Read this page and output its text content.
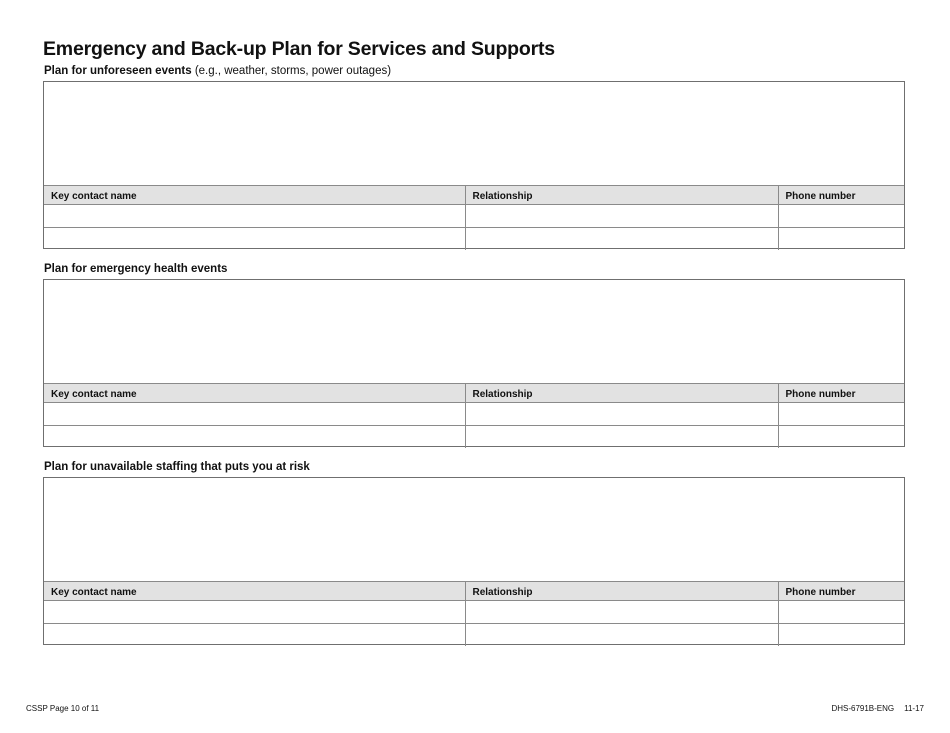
Emergency and Back-up Plan for Services and Supports
Plan for unforeseen events (e.g., weather, storms, power outages)
Key contact name	Relationship	Phone number

Plan for emergency health events
Key contact name	Relationship	Phone number

Plan for unavailable staffing that puts you at risk
Key contact name	Relationship	Phone number

CSSP Page 10 of 11	DHS-6791B-ENG 11-17
